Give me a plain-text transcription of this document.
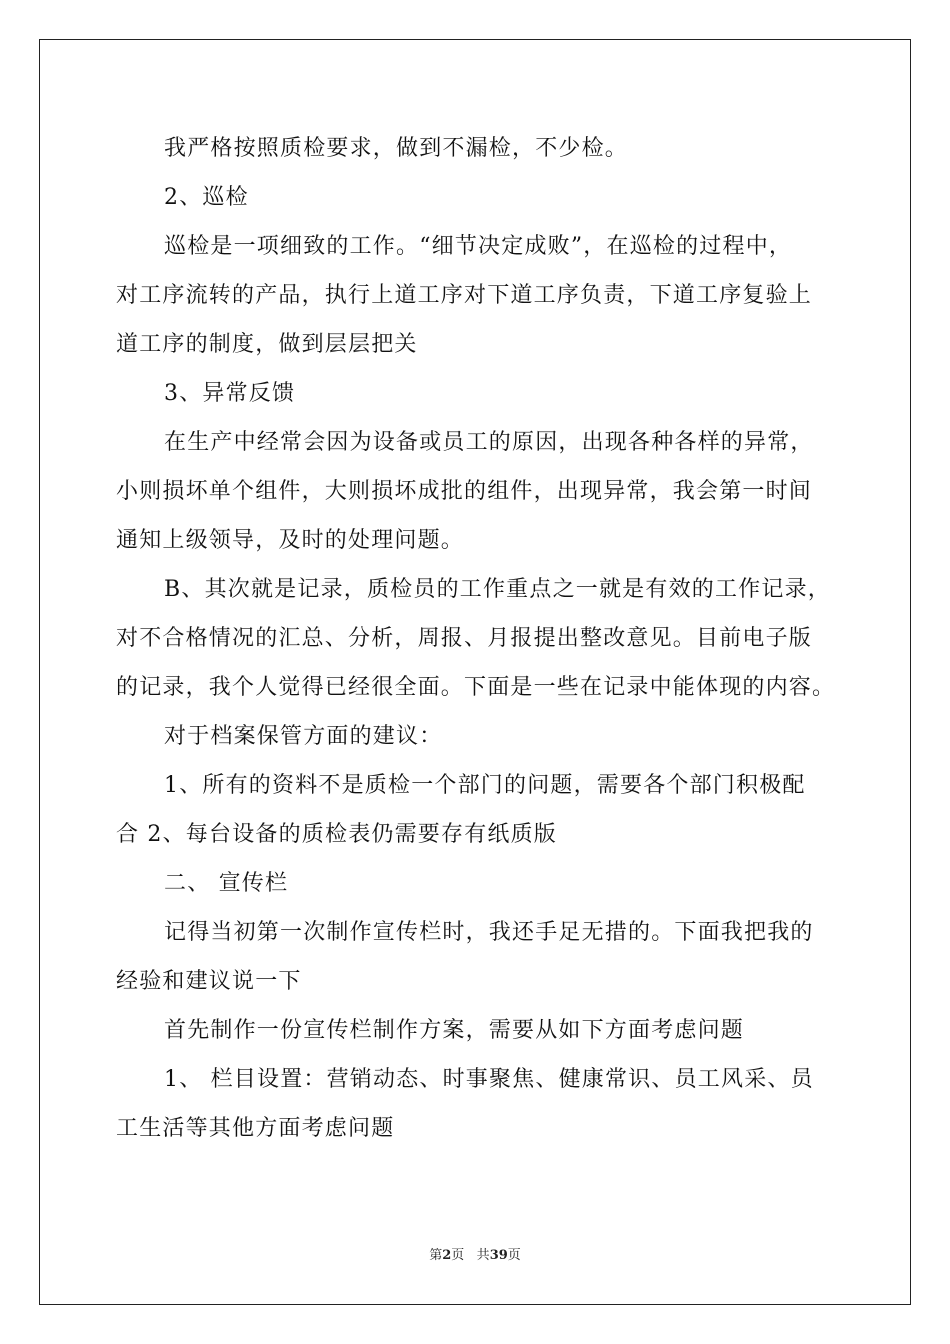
我严格按照质检要求，做到不漏检，不少检。
2、巡检
巡检是一项细致的工作。“细节决定成败”，在巡检的过程中，
对工序流转的产品，执行上道工序对下道工序负责，下道工序复验上
道工序的制度，做到层层把关
3、异常反馈
在生产中经常会因为设备或员工的原因，出现各种各样的异常，
小则损坏单个组件，大则损坏成批的组件，出现异常，我会第一时间
通知上级领导，及时的处理问题。
B、其次就是记录，质检员的工作重点之一就是有效的工作记录，
对不合格情况的汇总、分析，周报、月报提出整改意见。目前电子版
的记录，我个人觉得已经很全面。下面是一些在记录中能体现的内容。
对于档案保管方面的建议：
1、所有的资料不是质检一个部门的问题，需要各个部门积极配
合 2、每台设备的质检表仍需要存有纸质版
二、 宣传栏
记得当初第一次制作宣传栏时，我还手足无措的。下面我把我的
经验和建议说一下
首先制作一份宣传栏制作方案，需要从如下方面考虑问题
1、 栏目设置：营销动态、时事聚焦、健康常识、员工风采、员
工生活等其他方面考虑问题
第2页 共39页
